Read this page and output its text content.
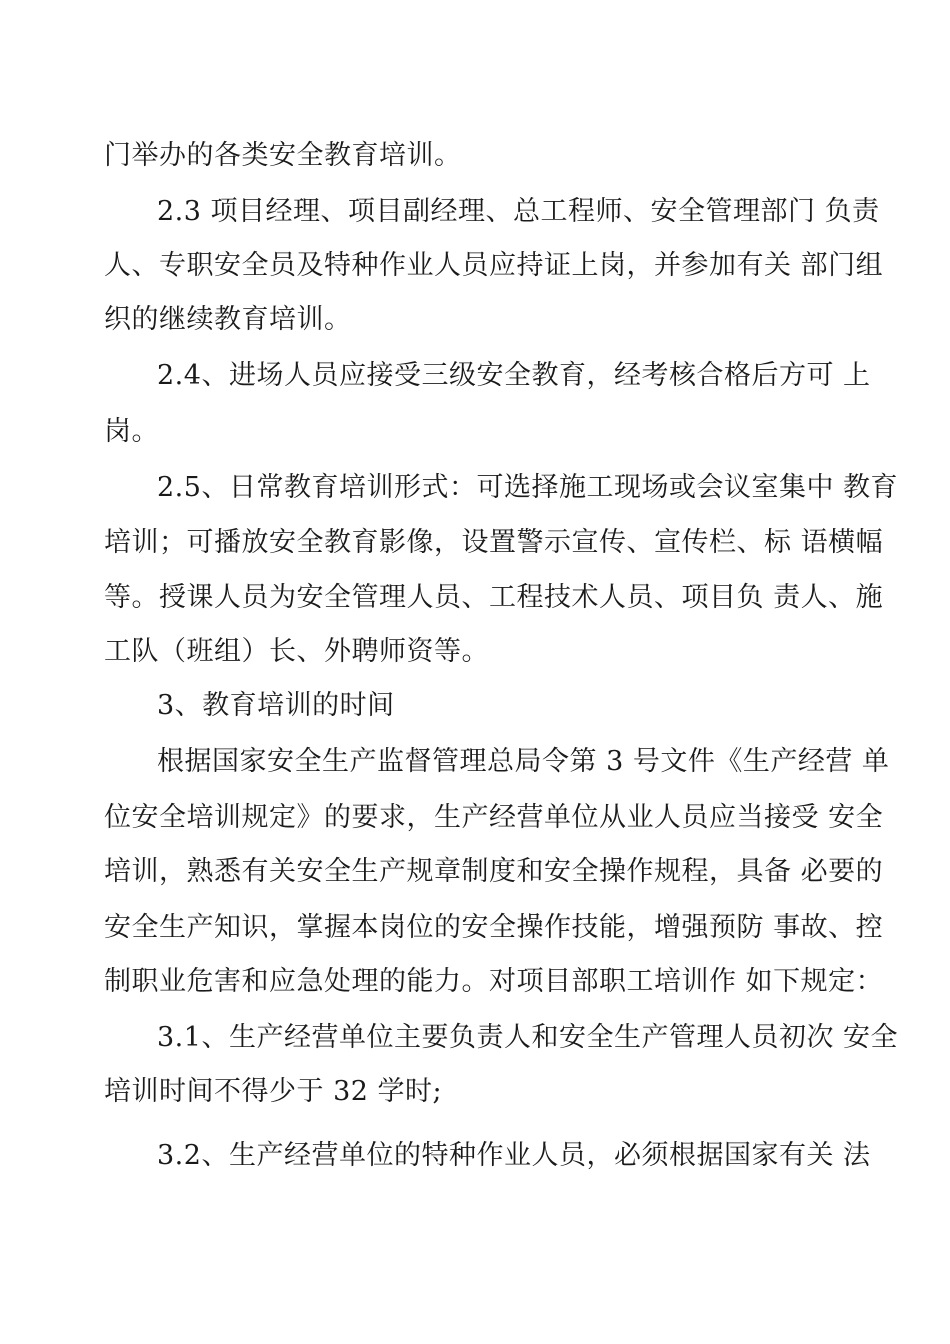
门举办的各类安全教育培训。
2.3 项目经理、项目副经理、总工程师、安全管理部门 负责
人、专职安全员及特种作业人员应持证上岗，并参加有关 部门组
织的继续教育培训。
2.4、进场人员应接受三级安全教育，经考核合格后方可 上
岗。
2.5、日常教育培训形式：可选择施工现场或会议室集中 教育
培训；可播放安全教育影像，设置警示宣传、宣传栏、标 语横幅
等。授课人员为安全管理人员、工程技术人员、项目负 责人、施
工队（班组）长、外聘师资等。
3、教育培训的时间
根据国家安全生产监督管理总局令第 3 号文件《生产经营 单
位安全培训规定》的要求，生产经营单位从业人员应当接受 安全
培训，熟悉有关安全生产规章制度和安全操作规程，具备 必要的
安全生产知识，掌握本岗位的安全操作技能，增强预防 事故、控
制职业危害和应急处理的能力。对项目部职工培训作 如下规定：
3.1、生产经营单位主要负责人和安全生产管理人员初次 安全
培训时间不得少于 32 学时;
3.2、生产经营单位的特种作业人员，必须根据国家有关 法
